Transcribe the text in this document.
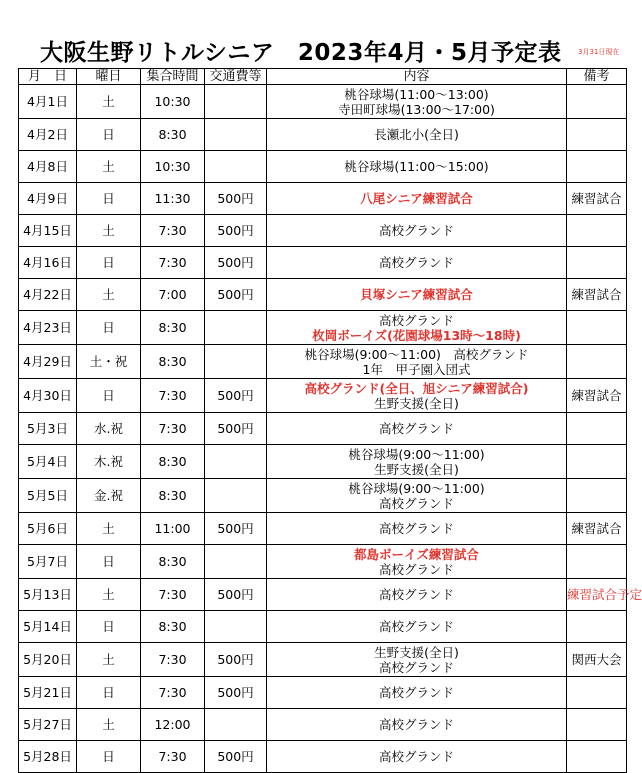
大阪生野リトルシニア　2023年4月・5月予定表 3月31日現在
月　日	曜日	集合時間	交通費等	内容	備考
4月1日	土	10:30		桃谷球場(11:00～13:00)
寺田町球場(13:00～17:00)	

4月2日	日	8:30		長瀬北小(全日)	

4月8日	土	10:30		桃谷球場(11:00～15:00)	

4月9日	日	11:30	500円	八尾シニア練習試合	練習試合
4月15日	土	7:30	500円	高校グランド	

4月16日	日	7:30	500円	高校グランド	

4月22日	土	7:00	500円	貝塚シニア練習試合	練習試合
4月23日	日	8:30		高校グランド
枚岡ボーイズ(花園球場13時～18時)	

4月29日	土・祝	8:30		桃谷球場(9:00～11:00)　高校グランド
1年　甲子園入団式	

4月30日	日	7:30	500円	高校グランド(全日、旭シニア練習試合)
生野支援(全日)	練習試合
5月3日	水.祝	7:30	500円	高校グランド	

5月4日	木.祝	8:30		桃谷球場(9:00～11:00)
生野支援(全日)	

5月5日	金.祝	8:30		桃谷球場(9:00～11:00)
高校グランド	

5月6日	土	11:00	500円	高校グランド	練習試合
5月7日	日	8:30		都島ボーイズ練習試合
高校グランド	

5月13日	土	7:30	500円	高校グランド	練習試合予定
5月14日	日	8:30		高校グランド	

5月20日	土	7:30	500円	生野支援(全日)
高校グランド	関西大会
5月21日	日	7:30	500円	高校グランド	

5月27日	土	12:00		高校グランド	

5月28日	日	7:30	500円	高校グランド	
